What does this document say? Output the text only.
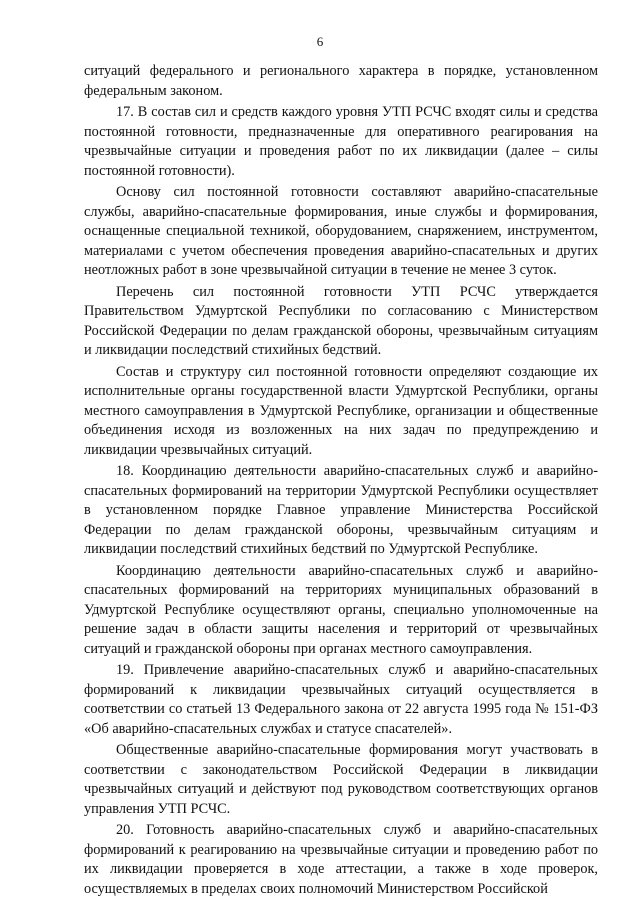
6

ситуаций федерального и регионального характера в порядке, установленном федеральным законом.

17. В состав сил и средств каждого уровня УТП РСЧС входят силы и средства постоянной готовности, предназначенные для оперативного реагирования на чрезвычайные ситуации и проведения работ по их ликвидации (далее – силы постоянной готовности).

Основу сил постоянной готовности составляют аварийно-спасательные службы, аварийно-спасательные формирования, иные службы и формирования, оснащенные специальной техникой, оборудованием, снаряжением, инструментом, материалами с учетом обеспечения проведения аварийно-спасательных и других неотложных работ в зоне чрезвычайной ситуации в течение не менее 3 суток.

Перечень сил постоянной готовности УТП РСЧС утверждается Правительством Удмуртской Республики по согласованию с Министерством Российской Федерации по делам гражданской обороны, чрезвычайным ситуациям и ликвидации последствий стихийных бедствий.

Состав и структуру сил постоянной готовности определяют создающие их исполнительные органы государственной власти Удмуртской Республики, органы местного самоуправления в Удмуртской Республике, организации и общественные объединения исходя из возложенных на них задач по предупреждению и ликвидации чрезвычайных ситуаций.

18. Координацию деятельности аварийно-спасательных служб и аварийно-спасательных формирований на территории Удмуртской Республики осуществляет в установленном порядке Главное управление Министерства Российской Федерации по делам гражданской обороны, чрезвычайным ситуациям и ликвидации последствий стихийных бедствий по Удмуртской Республике.

Координацию деятельности аварийно-спасательных служб и аварийно-спасательных формирований на территориях муниципальных образований в Удмуртской Республике осуществляют органы, специально уполномоченные на решение задач в области защиты населения и территорий от чрезвычайных ситуаций и гражданской обороны при органах местного самоуправления.

19. Привлечение аварийно-спасательных служб и аварийно-спасательных формирований к ликвидации чрезвычайных ситуаций осуществляется в соответствии со статьей 13 Федерального закона от 22 августа 1995 года № 151-ФЗ «Об аварийно-спасательных службах и статусе спасателей».

Общественные аварийно-спасательные формирования могут участвовать в соответствии с законодательством Российской Федерации в ликвидации чрезвычайных ситуаций и действуют под руководством соответствующих органов управления УТП РСЧС.

20. Готовность аварийно-спасательных служб и аварийно-спасательных формирований к реагированию на чрезвычайные ситуации и проведению работ по их ликвидации проверяется в ходе аттестации, а также в ходе проверок, осуществляемых в пределах своих полномочий Министерством Российской
